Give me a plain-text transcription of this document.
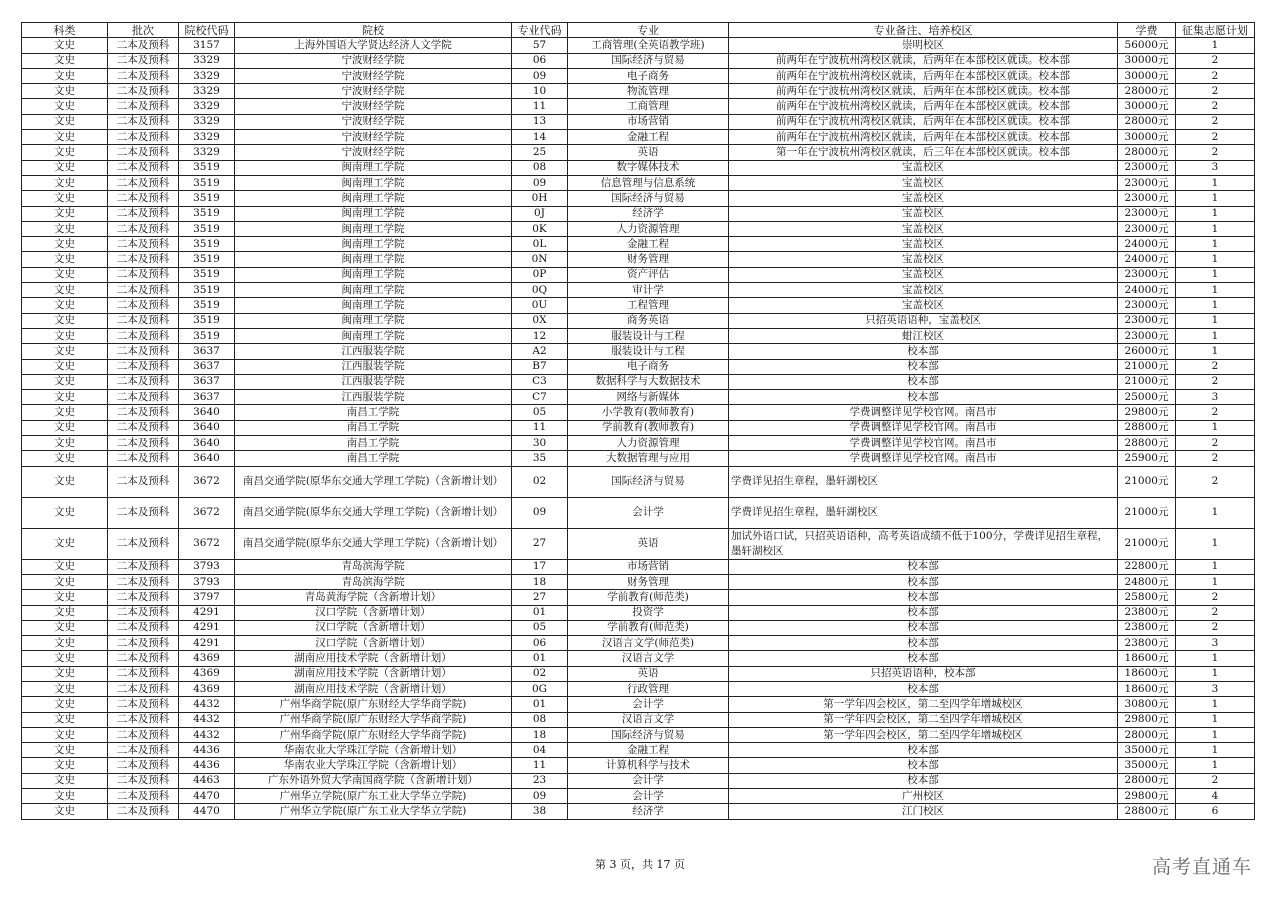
科类	批次	院校代码	院校	专业代码	专业	专业备注、培养校区	学费	征集志愿计划
文史	二本及预科	3157	上海外国语大学贤达经济人文学院	57	工商管理(全英语教学班)	崇明校区	56000元	1
文史	二本及预科	3329	宁波财经学院	06	国际经济与贸易	前两年在宁波杭州湾校区就读，后两年在本部校区就读。校本部	30000元	2
文史	二本及预科	3329	宁波财经学院	09	电子商务	前两年在宁波杭州湾校区就读，后两年在本部校区就读。校本部	30000元	2
文史	二本及预科	3329	宁波财经学院	10	物流管理	前两年在宁波杭州湾校区就读，后两年在本部校区就读。校本部	28000元	2
文史	二本及预科	3329	宁波财经学院	11	工商管理	前两年在宁波杭州湾校区就读，后两年在本部校区就读。校本部	30000元	2
文史	二本及预科	3329	宁波财经学院	13	市场营销	前两年在宁波杭州湾校区就读，后两年在本部校区就读。校本部	28000元	2
文史	二本及预科	3329	宁波财经学院	14	金融工程	前两年在宁波杭州湾校区就读，后两年在本部校区就读。校本部	30000元	2
文史	二本及预科	3329	宁波财经学院	25	英语	第一年在宁波杭州湾校区就读，后三年在本部校区就读。校本部	28000元	2
文史	二本及预科	3519	闽南理工学院	08	数字媒体技术	宝盖校区	23000元	3
文史	二本及预科	3519	闽南理工学院	09	信息管理与信息系统	宝盖校区	23000元	1
文史	二本及预科	3519	闽南理工学院	0H	国际经济与贸易	宝盖校区	23000元	1
文史	二本及预科	3519	闽南理工学院	0J	经济学	宝盖校区	23000元	1
文史	二本及预科	3519	闽南理工学院	0K	人力资源管理	宝盖校区	23000元	1
文史	二本及预科	3519	闽南理工学院	0L	金融工程	宝盖校区	24000元	1
文史	二本及预科	3519	闽南理工学院	0N	财务管理	宝盖校区	24000元	1
文史	二本及预科	3519	闽南理工学院	0P	资产评估	宝盖校区	23000元	1
文史	二本及预科	3519	闽南理工学院	0Q	审计学	宝盖校区	24000元	1
文史	二本及预科	3519	闽南理工学院	0U	工程管理	宝盖校区	23000元	1
文史	二本及预科	3519	闽南理工学院	0X	商务英语	只招英语语种，宝盖校区	23000元	1
文史	二本及预科	3519	闽南理工学院	12	服装设计与工程	蚶江校区	23000元	1
文史	二本及预科	3637	江西服装学院	A2	服装设计与工程	校本部	26000元	1
文史	二本及预科	3637	江西服装学院	B7	电子商务	校本部	21000元	2
文史	二本及预科	3637	江西服装学院	C3	数据科学与大数据技术	校本部	21000元	2
文史	二本及预科	3637	江西服装学院	C7	网络与新媒体	校本部	25000元	3
文史	二本及预科	3640	南昌工学院	05	小学教育(教师教育)	学费调整详见学校官网。南昌市	29800元	2
文史	二本及预科	3640	南昌工学院	11	学前教育(教师教育)	学费调整详见学校官网。南昌市	28800元	1
文史	二本及预科	3640	南昌工学院	30	人力资源管理	学费调整详见学校官网。南昌市	28800元	2
文史	二本及预科	3640	南昌工学院	35	大数据管理与应用	学费调整详见学校官网。南昌市	25900元	2
文史	二本及预科	3672	南昌交通学院(原华东交通大学理工学院)（含新增计划）	02	国际经济与贸易	学费详见招生章程，墨轩湖校区	21000元	2
文史	二本及预科	3672	南昌交通学院(原华东交通大学理工学院)（含新增计划）	09	会计学	学费详见招生章程，墨轩湖校区	21000元	1
文史	二本及预科	3672	南昌交通学院(原华东交通大学理工学院)（含新增计划）	27	英语	加试外语口试，只招英语语种，高考英语成绩不低于100分，学费详见招生章程，墨轩湖校区	21000元	1
文史	二本及预科	3793	青岛滨海学院	17	市场营销	校本部	22800元	1
文史	二本及预科	3793	青岛滨海学院	18	财务管理	校本部	24800元	1
文史	二本及预科	3797	青岛黄海学院（含新增计划）	27	学前教育(师范类)	校本部	25800元	2
文史	二本及预科	4291	汉口学院（含新增计划）	01	投资学	校本部	23800元	2
文史	二本及预科	4291	汉口学院（含新增计划）	05	学前教育(师范类)	校本部	23800元	2
文史	二本及预科	4291	汉口学院（含新增计划）	06	汉语言文学(师范类)	校本部	23800元	3
文史	二本及预科	4369	湖南应用技术学院（含新增计划）	01	汉语言文学	校本部	18600元	1
文史	二本及预科	4369	湖南应用技术学院（含新增计划）	02	英语	只招英语语种，校本部	18600元	1
文史	二本及预科	4369	湖南应用技术学院（含新增计划）	0G	行政管理	校本部	18600元	3
文史	二本及预科	4432	广州华商学院(原广东财经大学华商学院)	01	会计学	第一学年四会校区，第二至四学年增城校区	30800元	1
文史	二本及预科	4432	广州华商学院(原广东财经大学华商学院)	08	汉语言文学	第一学年四会校区，第二至四学年增城校区	29800元	1
文史	二本及预科	4432	广州华商学院(原广东财经大学华商学院)	18	国际经济与贸易	第一学年四会校区，第二至四学年增城校区	28000元	1
文史	二本及预科	4436	华南农业大学珠江学院（含新增计划）	04	金融工程	校本部	35000元	1
文史	二本及预科	4436	华南农业大学珠江学院（含新增计划）	11	计算机科学与技术	校本部	35000元	1
文史	二本及预科	4463	广东外语外贸大学南国商学院（含新增计划）	23	会计学	校本部	28000元	2
文史	二本及预科	4470	广州华立学院(原广东工业大学华立学院)	09	会计学	广州校区	29800元	4
文史	二本及预科	4470	广州华立学院(原广东工业大学华立学院)	38	经济学	江门校区	28800元	6
第 3 页，共 17 页	高考直通车
